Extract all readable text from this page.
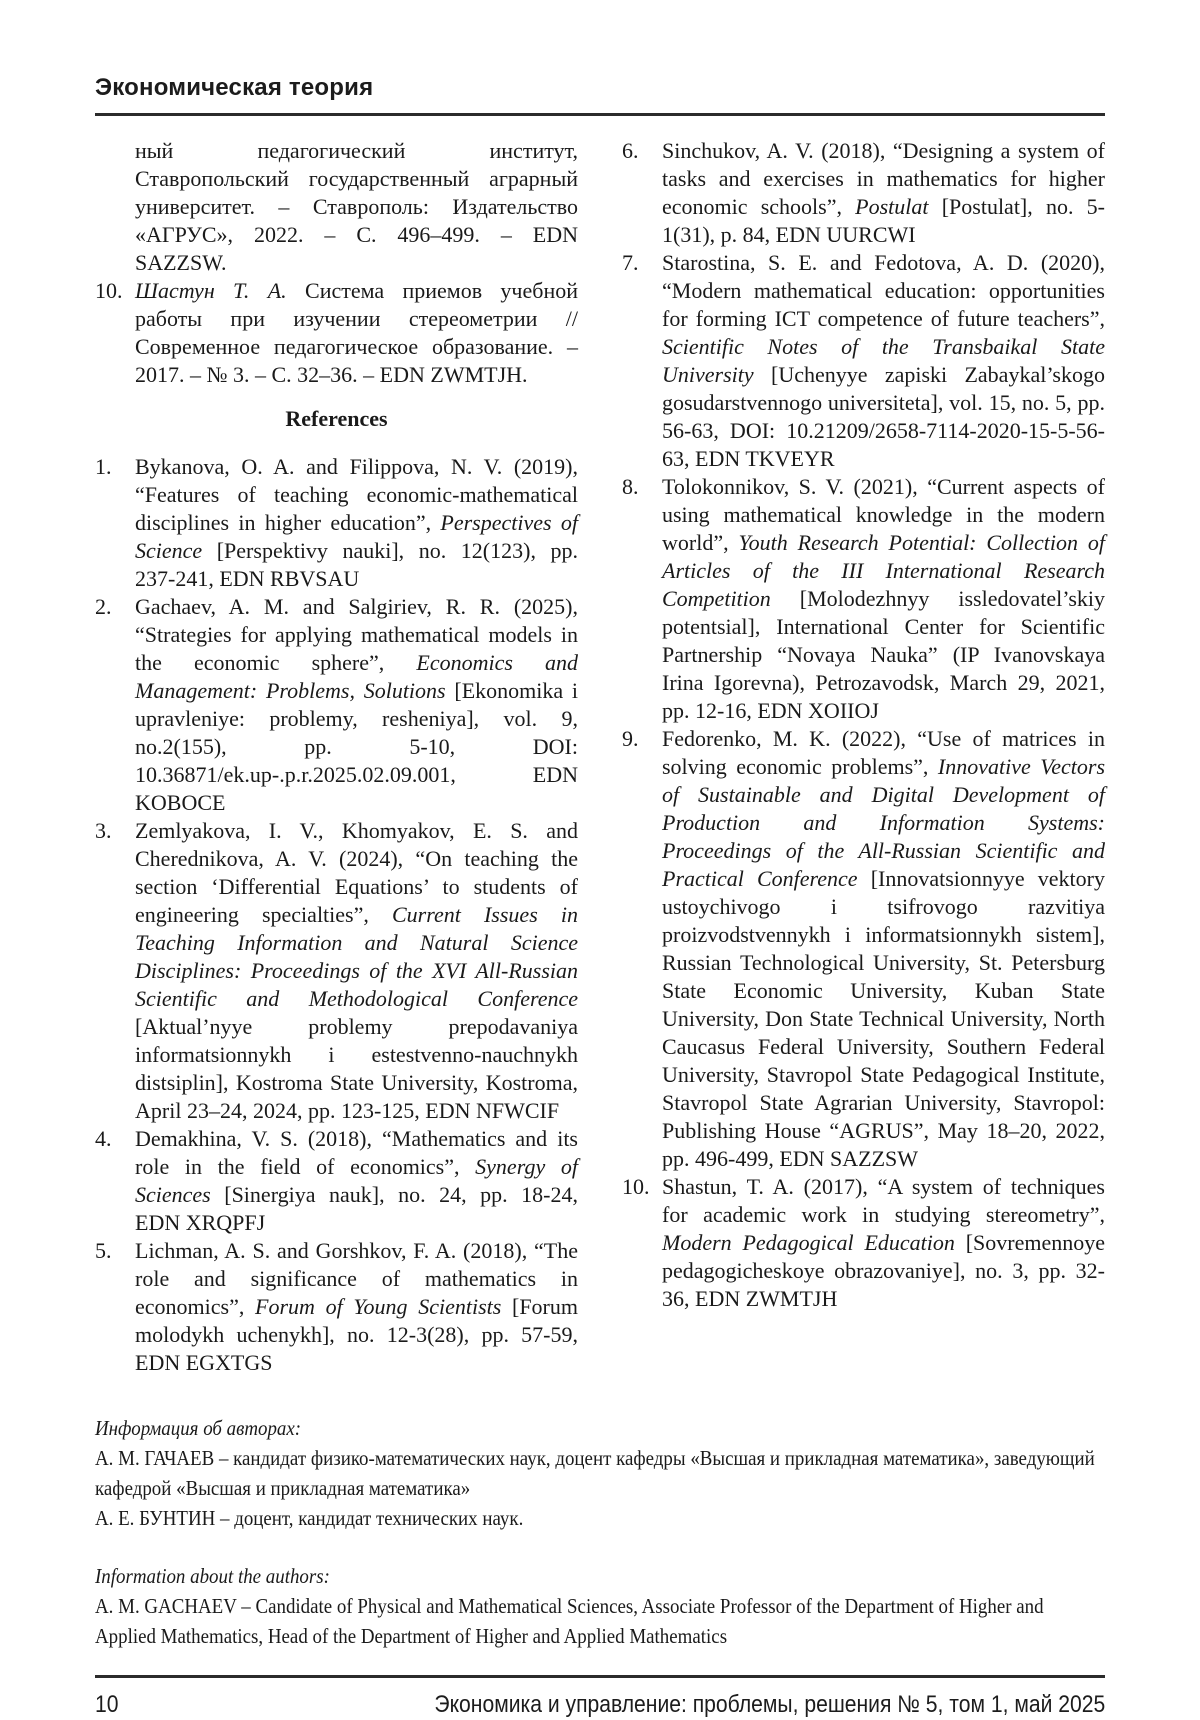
Экономическая теория

ный педагогический институт, Ставропольский государственный аграрный университет. – Ставрополь: Издательство «АГРУС», 2022. – С. 496–499. – EDN SAZZSW.

10. Шастун Т. А. Система приемов учебной работы при изучении стереометрии // Современное педагогическое образование. – 2017. – № 3. – С. 32–36. – EDN ZWMTJH.
References
1.	Bykanova, O. A. and Filippova, N. V. (2019), “Features of teaching economic-mathematical disciplines in higher education”, Perspectives of Science [Perspektivy nauki], no. 12(123), pp. 237-241, EDN RBVSAU
2.	Gachaev, A. M. and Salgiriev, R. R. (2025), “Strategies for applying mathematical models in the economic sphere”, Economics and Management: Problems, Solutions [Ekonomika i upravleniye: problemy, resheniya], vol. 9, no.2(155), pp. 5-10, DOI: 10.36871/ek.up-.p.r.2025.02.09.001, EDN KOBOCE
3.	Zemlyakova, I. V., Khomyakov, E. S. and Cherednikova, A. V. (2024), “On teaching the section ‘Differential Equations’ to students of engineering specialties”, Current Issues in Teaching Information and Natural Science Disciplines: Proceedings of the XVI All-Russian Scientific and Methodological Conference [Aktual’nyye problemy prepodavaniya informatsionnykh i estestvenno-nauchnykh distsiplin], Kostroma State University, Kostroma, April 23–24, 2024, pp. 123-125, EDN NFWCIF
4.	Demakhina, V. S. (2018), “Mathematics and its role in the field of economics”, Synergy of Sciences [Sinergiya nauk], no. 24, pp. 18-24, EDN XRQPFJ
5.	Lichman, A. S. and Gorshkov, F. A. (2018), “The role and significance of mathematics in economics”, Forum of Young Scientists [Forum molodykh uchenykh], no. 12-3(28), pp. 57-59, EDN EGXTGS
6.	Sinchukov, A. V. (2018), “Designing a system of tasks and exercises in mathematics for higher economic schools”, Postulat [Postulat], no. 5-1(31), p. 84, EDN UURCWI
7.	Starostina, S. E. and Fedotova, A. D. (2020), “Modern mathematical education: opportunities for forming ICT competence of future teachers”, Scientific Notes of the Transbaikal State University [Uchenyye zapiski Zabaykal’skogo gosudarstvennogo universiteta], vol. 15, no. 5, pp. 56-63, DOI: 10.21209/2658-7114-2020-15-5-56-63, EDN TKVEYR
8.	Tolokonnikov, S. V. (2021), “Current aspects of using mathematical knowledge in the modern world”, Youth Research Potential: Collection of Articles of the III International Research Competition [Molodezhnyy issledovatel’skiy potentsial], International Center for Scientific Partnership “Novaya Nauka” (IP Ivanovskaya Irina Igorevna), Petrozavodsk, March 29, 2021, pp. 12-16, EDN XOIIOJ
9.	Fedorenko, M. K. (2022), “Use of matrices in solving economic problems”, Innovative Vectors of Sustainable and Digital Development of Production and Information Systems: Proceedings of the All-Russian Scientific and Practical Conference [Innovatsionnyye vektory ustoychivogo i tsifrovogo razvitiya proizvodstvennykh i informatsionnykh sistem], Russian Technological University, St. Petersburg State Economic University, Kuban State University, Don State Technical University, North Caucasus Federal University, Southern Federal University, Stavropol State Pedagogical Institute, Stavropol State Agrarian University, Stavropol: Publishing House “AGRUS”, May 18–20, 2022, pp. 496-499, EDN SAZZSW
10. Shastun, T. A. (2017), “A system of techniques for academic work in studying stereometry”, Modern Pedagogical Education [Sovremennoye pedagogicheskoye obrazovaniye], no. 3, pp. 32-36, EDN ZWMTJH

Информация об авторах:

А. М. ГАЧАЕВ – кандидат физико-математических наук, доцент кафедры «Высшая и прикладная математика», заведующий кафедрой «Высшая и прикладная математика»

А. Е. БУНТИН – доцент, кандидат технических наук.

Information about the authors:

A. M. GACHAEV – Candidate of Physical and Mathematical Sciences, Associate Professor of the Department of Higher and Applied Mathematics, Head of the Department of Higher and Applied Mathematics

10	Экономика и управление: проблемы, решения № 5, том 1, май 2025
